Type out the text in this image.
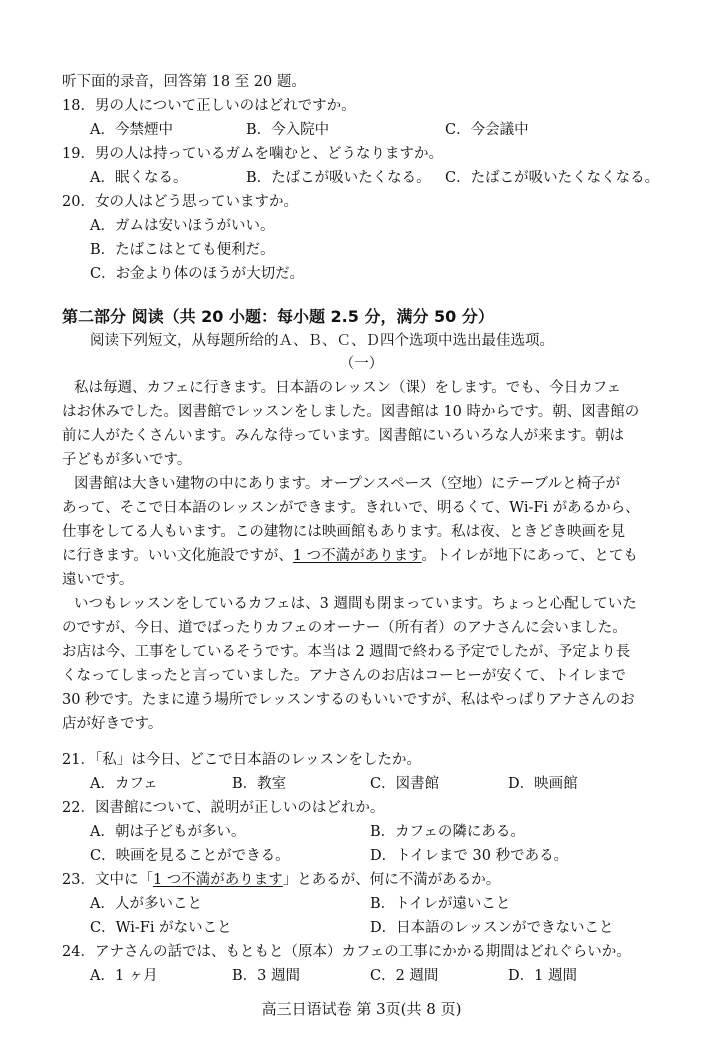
听下面的录音，回答第 18 至 20 题。
18．男の人について正しいのはどれですか。
A．今禁煙中	B．今入院中	C．今会議中
19．男の人は持っているガムを噛むと、どうなりますか。
A．眠くなる。	B．たばこが吸いたくなる。 C．たばこが吸いたくなくなる。
20．女の人はどう思っていますか。
A．ガムは安いほうがいい。
B．たばこはとても便利だ。
C．お金より体のほうが大切だ。
第二部分 阅读（共 20 小题：每小题 2.5 分，满分 50 分）
阅读下列短文，从每题所给的Ａ、Ｂ、Ｃ、Ｄ四个选项中选出最佳选项。
（一）
私は毎週、カフェに行きます。日本語のレッスン（课）をします。でも、今日カフェ
はお休みでした。図書館でレッスンをしました。図書館は 10 時からです。朝、図書館の
前に人がたくさんいます。みんな待っています。図書館にいろいろな人が来ます。朝は
子どもが多いです。
図書館は大きい建物の中にあります。オープンスペース（空地）にテーブルと椅子が
あって、そこで日本語のレッスンができます。きれいで、明るくて、Wi-Fi があるから、
仕事をしてる人もいます。この建物には映画館もあります。私は夜、ときどき映画を見
に行きます。いい文化施設ですが、1 つ不満があります。トイレが地下にあって、とても
遠いです。
いつもレッスンをしているカフェは、3 週間も閉まっています。ちょっと心配していた
のですが、今日、道でばったりカフェのオーナー（所有者）のアナさんに会いました。
お店は今、工事をしているそうです。本当は 2 週間で終わる予定でしたが、予定より長
くなってしまったと言っていました。アナさんのお店はコーヒーが安くて、トイレまで
30 秒です。たまに違う場所でレッスンするのもいいですが、私はやっぱりアナさんのお
店が好きです。
21．「私」は今日、どこで日本語のレッスンをしたか。
A．カフェ	B．教室	C．図書館	D．映画館
22．図書館について、説明が正しいのはどれか。
A．朝は子どもが多い。	B．カフェの隣にある。
C．映画を見ることができる。	D．トイレまで 30 秒である。
23．文中に「1 つ不満があります」とあるが、何に不満があるか。
A．人が多いこと	B．トイレが遠いこと
C．Wi-Fi がないこと	D．日本語のレッスンができないこと
24．アナさんの話では、もともと（原本）カフェの工事にかかる期間はどれぐらいか。
A．1 ヶ月	B．3 週間	C．2 週間	D．1 週間
高三日语试卷 第 3页(共 8 页)
